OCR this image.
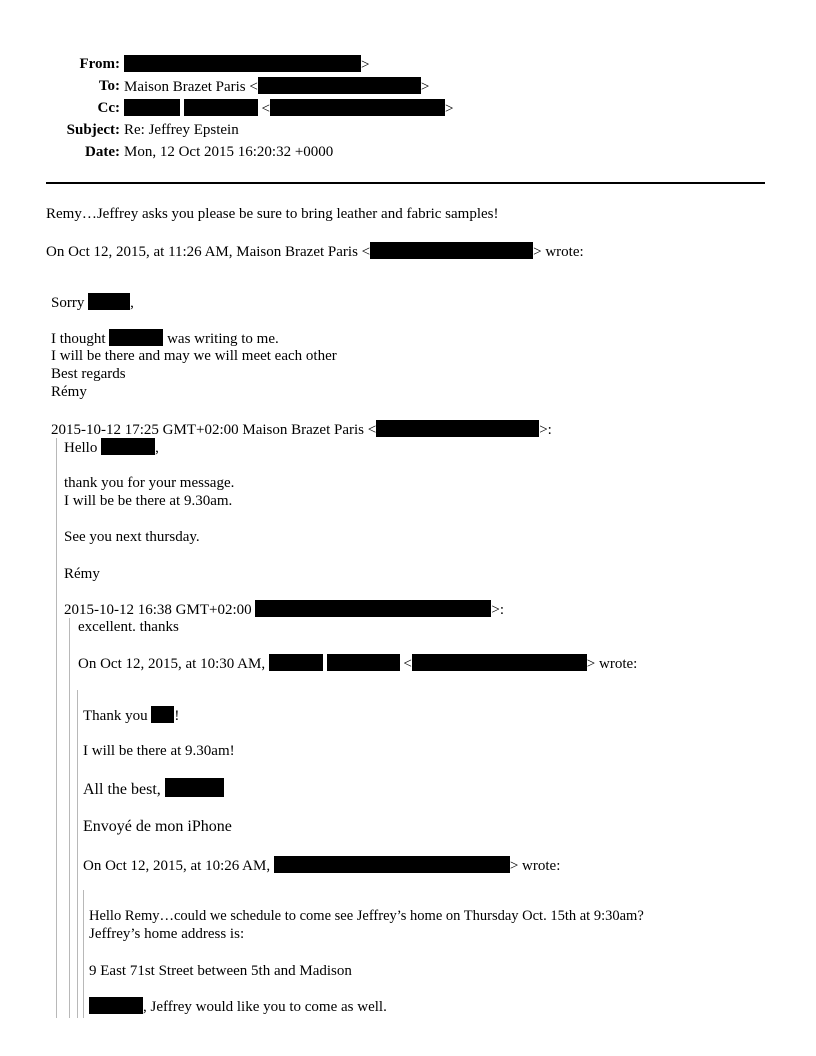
From:	>
To: Maison Brazet Paris <	>
Cc:	<	>
Subject: Re: Jeffrey Epstein
Date: Mon, 12 Oct 2015 16:20:32 +0000
Remy…Jeffrey asks you please be sure to bring leather and fabric samples!
On Oct 12, 2015, at 11:26 AM, Maison Brazet Paris <	> wrote:
Sorry	,
I thought	was writing to me.
I will be there and may we will meet each other
Best regards
Rémy
2015-10-12 17:25 GMT+02:00 Maison Brazet Paris <	>:
Hello	,
thank you for your message.
I will be be there at 9.30am.
See you next thursday.
Rémy
2015-10-12 16:38 GMT+02:00	>:
excellent. thanks
On Oct 12, 2015, at 10:30 AM,	<	> wrote:
Thank you !
I will be there at 9.30am!
All the best,
Envoyé de mon iPhone
On Oct 12, 2015, at 10:26 AM,	> wrote:
Hello Remy…could we schedule to come see Jeffrey’s home on Thursday Oct. 15th at 9:30am?
Jeffrey’s home address is:
9 East 71st Street between 5th and Madison
, Jeffrey would like you to come as well.
